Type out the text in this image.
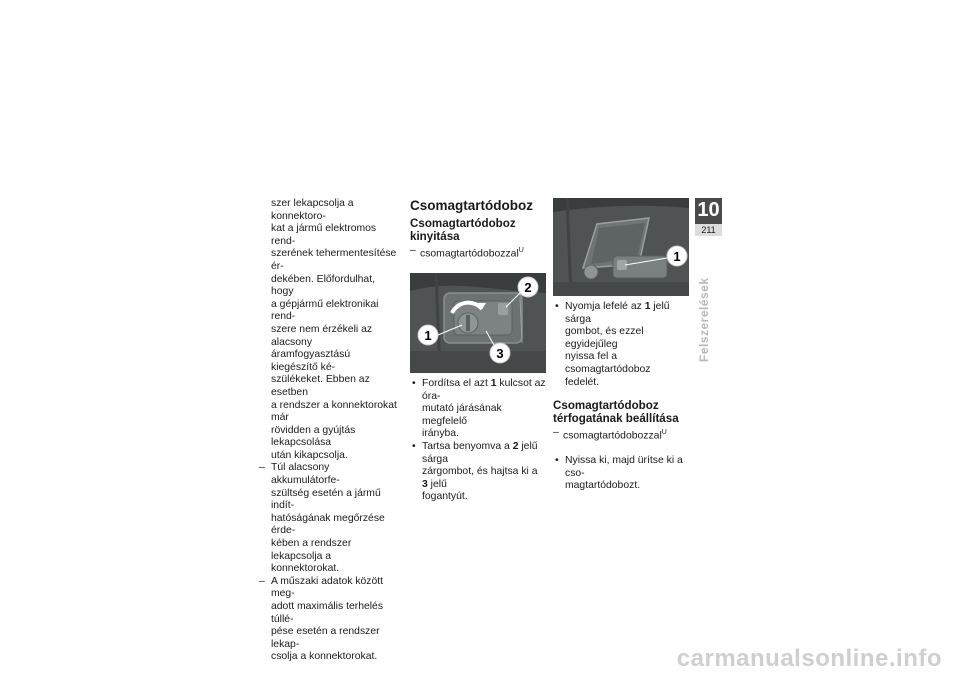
szer lekapcsolja a konnektoro-
kat a jármű elektromos rend-
szerének tehermentesítése ér-
dekében. Előfordulhat, hogy
a gépjármű elektronikai rend-
szere nem érzékeli az alacsony
áramfogyasztású kiegészítő ké-
szülékeket. Ebben az esetben
a rendszer a konnektorokat már
rövidden a gyújtás lekapcsolása
után kikapcsolja.
– Túl alacsony akkumulátorfe-
szültség esetén a jármű indít-
hatóságának megőrzése érde-
kében a rendszer lekapcsolja a
konnektorokat.
– A műszaki adatok között meg-
adott maximális terhelés túllé-
pése esetén a rendszer lekap-
csolja a konnektorokat.
Csomagtartódoboz
Csomagtartódoboz
kinyitása
– csomagtartódobozzal$^U$
1
2
3
• Fordítsa el azt 1 kulcsot az óra-
mutató járásának megfelelő
irányba.
• Tartsa benyomva a 2 jelű sárga
zárgombot, és hajtsa ki a 3 jelű
fogantyút.
1
• Nyomja lefelé az 1 jelű sárga
gombot, és ezzel egyidejűleg
nyissa fel a csomagtartódoboz
fedelét.
Csomagtartódoboz
térfogatának beállítása
– csomagtartódobozzal$^U$
• Nyissa ki, majd ürítse ki a cso-
magtartódobozt.
10
211
Felszerelések
carmanualsonline.info
